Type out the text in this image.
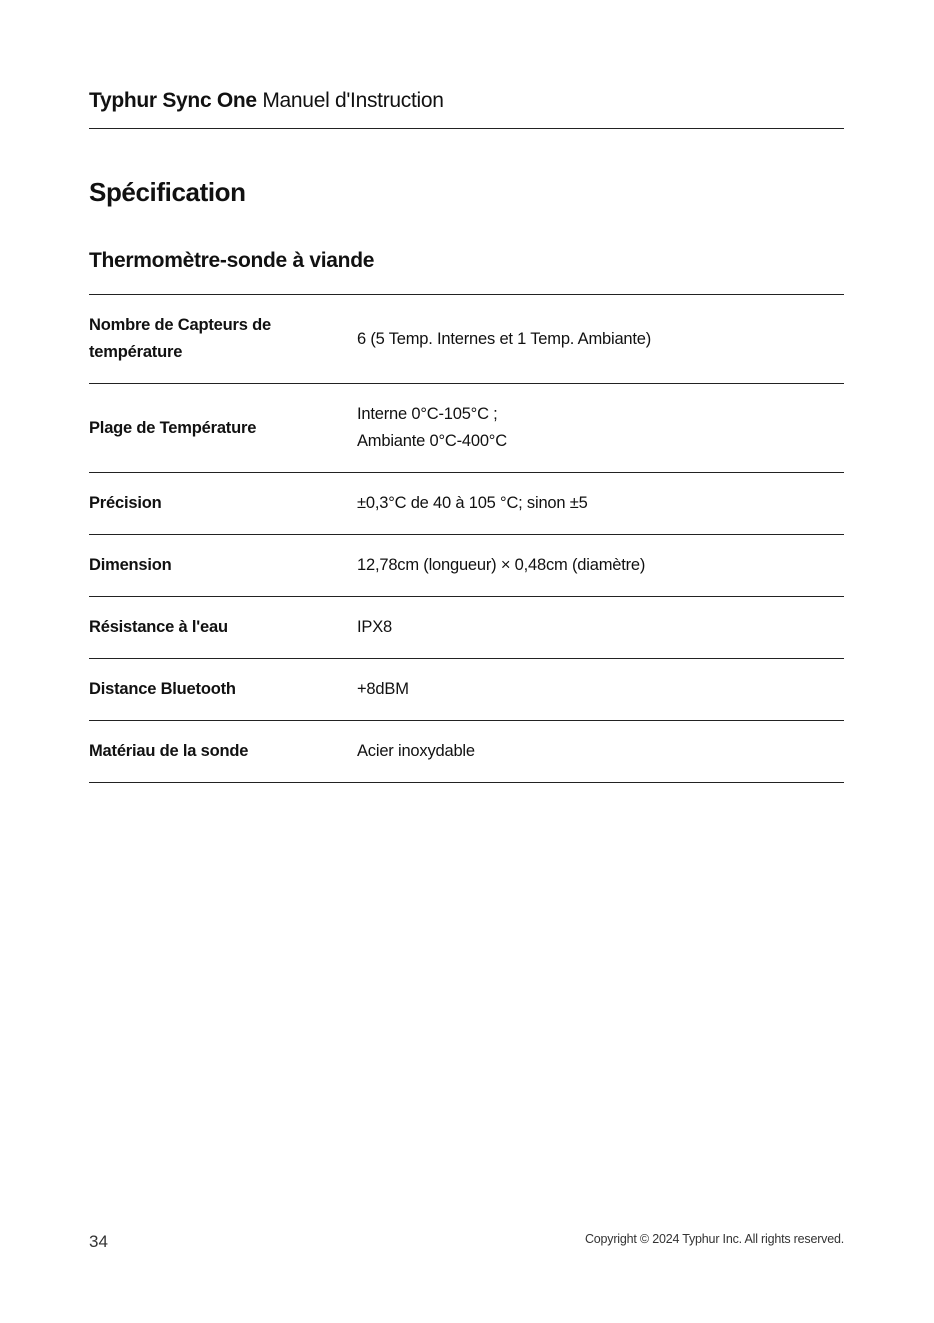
Typhur Sync One Manuel d'Instruction
Spécification
Thermomètre-sonde à viande
Nombre de Capteurs de température	6 (5 Temp. Internes et 1 Temp. Ambiante)

Plage de Température	Interne 0°C-105°C ;
Ambiante 0°C-400°C

Précision	±0,3°C de 40 à 105 °C; sinon ±5

Dimension	12,78cm (longueur) × 0,48cm (diamètre)

Résistance à l'eau	IPX8

Distance Bluetooth	+8dBM

Matériau de la sonde	Acier inoxydable
34	Copyright © 2024 Typhur Inc. All rights reserved.
